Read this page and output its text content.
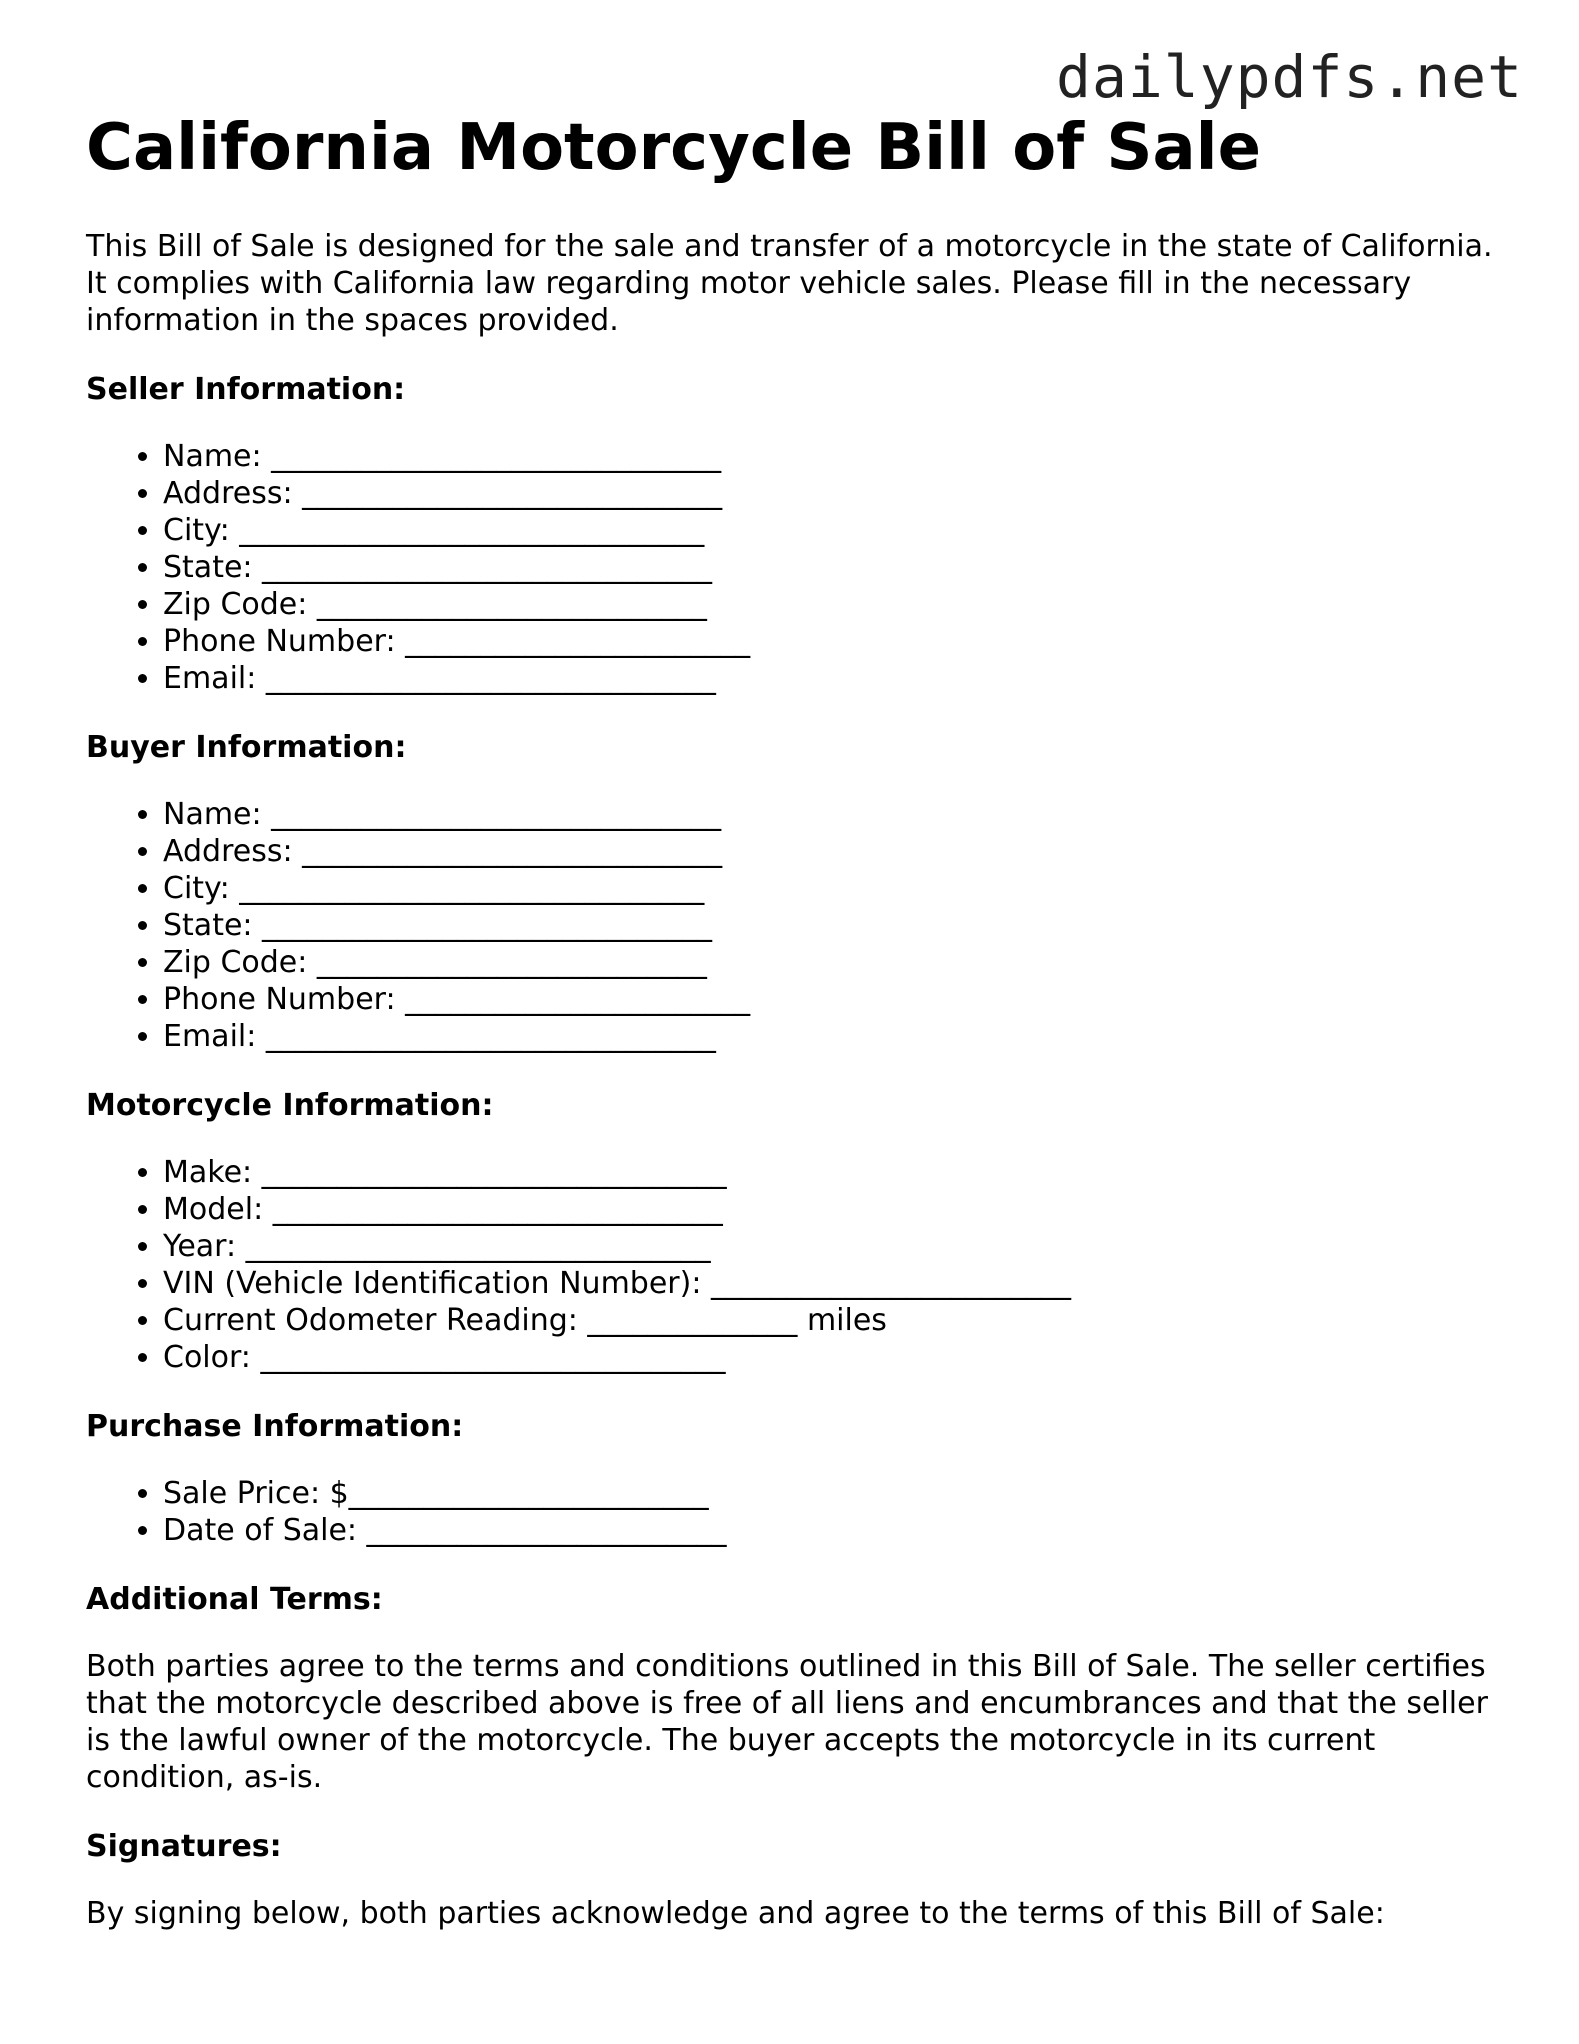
dailypdfs.net
California Motorcycle Bill of Sale

This Bill of Sale is designed for the sale and transfer of a motorcycle in the state of California. It complies with California law regarding motor vehicle sales. Please fill in the necessary information in the spaces provided.

Seller Information:
• Name: ______________________________
• Address: ____________________________
• City: _______________________________
• State: ______________________________
• Zip Code: __________________________
• Phone Number: _______________________
• Email: ______________________________
Buyer Information:
• Name: ______________________________
• Address: ____________________________
• City: _______________________________
• State: ______________________________
• Zip Code: __________________________
• Phone Number: _______________________
• Email: ______________________________
Motorcycle Information:
• Make: _______________________________
• Model: ______________________________
• Year: _______________________________
• VIN (Vehicle Identification Number): ________________________
• Current Odometer Reading: ______________ miles
• Color: _______________________________
Purchase Information:
• Sale Price: $________________________
• Date of Sale: ________________________
Additional Terms:

Both parties agree to the terms and conditions outlined in this Bill of Sale. The seller certifies that the motorcycle described above is free of all liens and encumbrances and that the seller is the lawful owner of the motorcycle. The buyer accepts the motorcycle in its current condition, as-is.

Signatures:

By signing below, both parties acknowledge and agree to the terms of this Bill of Sale:
